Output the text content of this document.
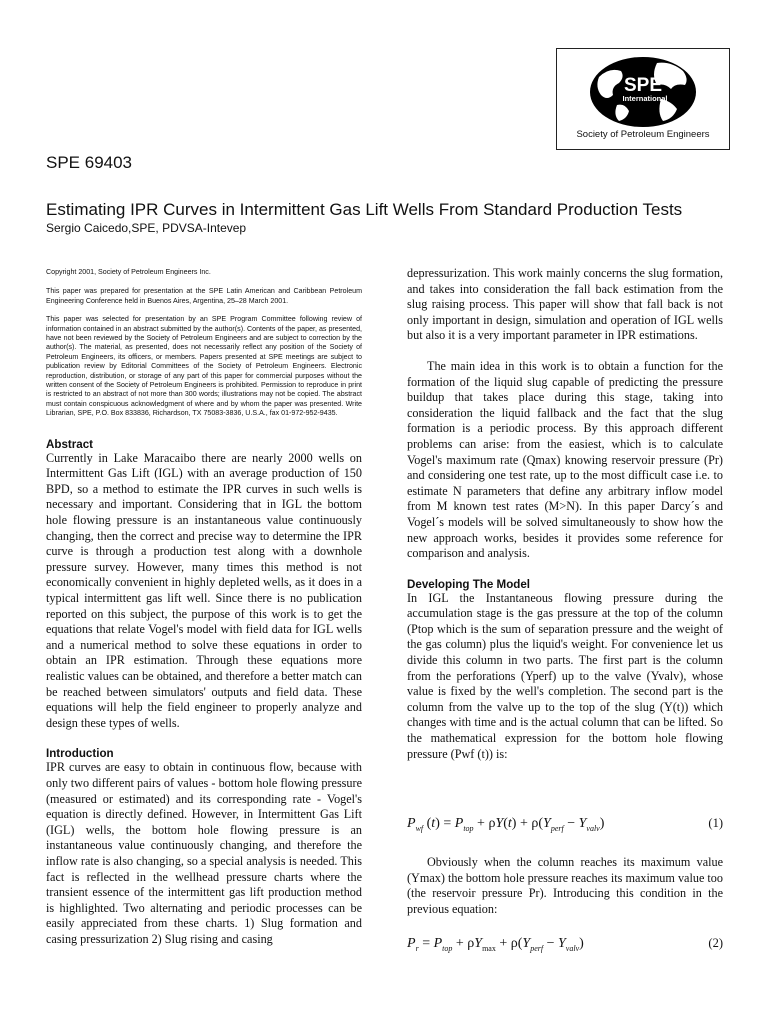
SPE
International
Society of Petroleum Engineers
SPE 69403
Estimating IPR Curves in Intermittent Gas Lift Wells From Standard Production Tests
Sergio Caicedo,SPE, PDVSA-Intevep

Copyright 2001, Society of Petroleum Engineers Inc.

This paper was prepared for presentation at the SPE Latin American and Caribbean Petroleum Engineering Conference held in Buenos Aires, Argentina, 25–28 March 2001.

This paper was selected for presentation by an SPE Program Committee following review of information contained in an abstract submitted by the author(s). Contents of the paper, as presented, have not been reviewed by the Society of Petroleum Engineers and are subject to correction by the author(s). The material, as presented, does not necessarily reflect any position of the Society of Petroleum Engineers, its officers, or members. Papers presented at SPE meetings are subject to publication review by Editorial Committees of the Society of Petroleum Engineers. Electronic reproduction, distribution, or storage of any part of this paper for commercial purposes without the written consent of the Society of Petroleum Engineers is prohibited. Permission to reproduce in print is restricted to an abstract of not more than 300 words; illustrations may not be copied. The abstract must contain conspicuous acknowledgment of where and by whom the paper was presented. Write Librarian, SPE, P.O. Box 833836, Richardson, TX 75083-3836, U.S.A., fax 01-972-952-9435.

Abstract

Currently in Lake Maracaibo there are nearly 2000 wells on Intermittent Gas Lift (IGL) with an average production of 150 BPD, so a method to estimate the IPR curves in such wells is necessary and important. Considering that in IGL the bottom hole flowing pressure is an instantaneous value continuously changing, then the correct and precise way to determine the IPR curve is through a production test along with a downhole pressure survey. However, many times this method is not economically convenient in highly depleted wells, as it does in a typical intermittent gas lift well. Since there is no publication reported on this subject, the purpose of this work is to get the equations that relate Vogel's model with field data for IGL wells and a numerical method to solve these equations in order to obtain an IPR estimation. Through these equations more realistic values can be obtained, and therefore a better match can be reached between simulators' outputs and field data. These equations will help the field engineer to properly analyze and design these types of wells.

Introduction

IPR curves are easy to obtain in continuous flow, because with only two different pairs of values - bottom hole flowing pressure (measured or estimated) and its corresponding rate - Vogel's equation is directly defined. However, in Intermittent Gas Lift (IGL) wells, the bottom hole flowing pressure is an instantaneous value continuously changing, and therefore the inflow rate is also changing, so a special analysis is needed. This fact is reflected in the wellhead pressure charts where the transient essence of the intermittent gas lift production method is highlighted. Two alternating and periodic processes can be easily appreciated from these charts. 1) Slug formation and casing pressurization 2) Slug rising and casing

depressurization. This work mainly concerns the slug formation, and takes into consideration the fall back estimation from the slug raising process. This paper will show that fall back is not only important in design, simulation and operation of IGL wells but also it is a very important parameter in IPR estimations.

The main idea in this work is to obtain a function for the formation of the liquid slug capable of predicting the pressure buildup that takes place during this stage, taking into consideration the liquid fallback and the fact that the slug formation is a periodic process. By this approach different problems can arise: from the easiest, which is to calculate Vogel's maximum rate (Qmax) knowing reservoir pressure (Pr) and considering one test rate, up to the most difficult case i.e. to estimate N parameters that define any arbitrary inflow model from M known test rates (M>N). In this paper Darcy´s and Vogel´s models will be solved simultaneously to show how the new approach works, besides it provides some reference for comparison and analysis.

Developing The Model

In IGL the Instantaneous flowing pressure during the accumulation stage is the gas pressure at the top of the column (Ptop which is the sum of separation pressure and the weight of the gas column) plus the liquid's weight. For convenience let us divide this column in two parts. The first part is the column from the perforations (Yperf) up to the valve (Yvalv), whose value is fixed by the well's completion. The second part is the column from the valve up to the top of the slug (Y(t)) which changes with time and is the actual column that can be lifted. So the mathematical expression for the bottom hole flowing pressure (Pwf (t)) is:

$P_{wf}$ $(t) = P_{top} + \rho Y(t) + \rho(Y_{perf} - Y_{valv})$	(1)

Obviously when the column reaches its maximum value (Ymax) the bottom hole pressure reaches its maximum value too (the reservoir pressure Pr). Introducing this condition in the previous equation:

$P_r = P_{top} + \rho Y_{max} + \rho(Y_{perf} - Y_{valv})$	(2)
